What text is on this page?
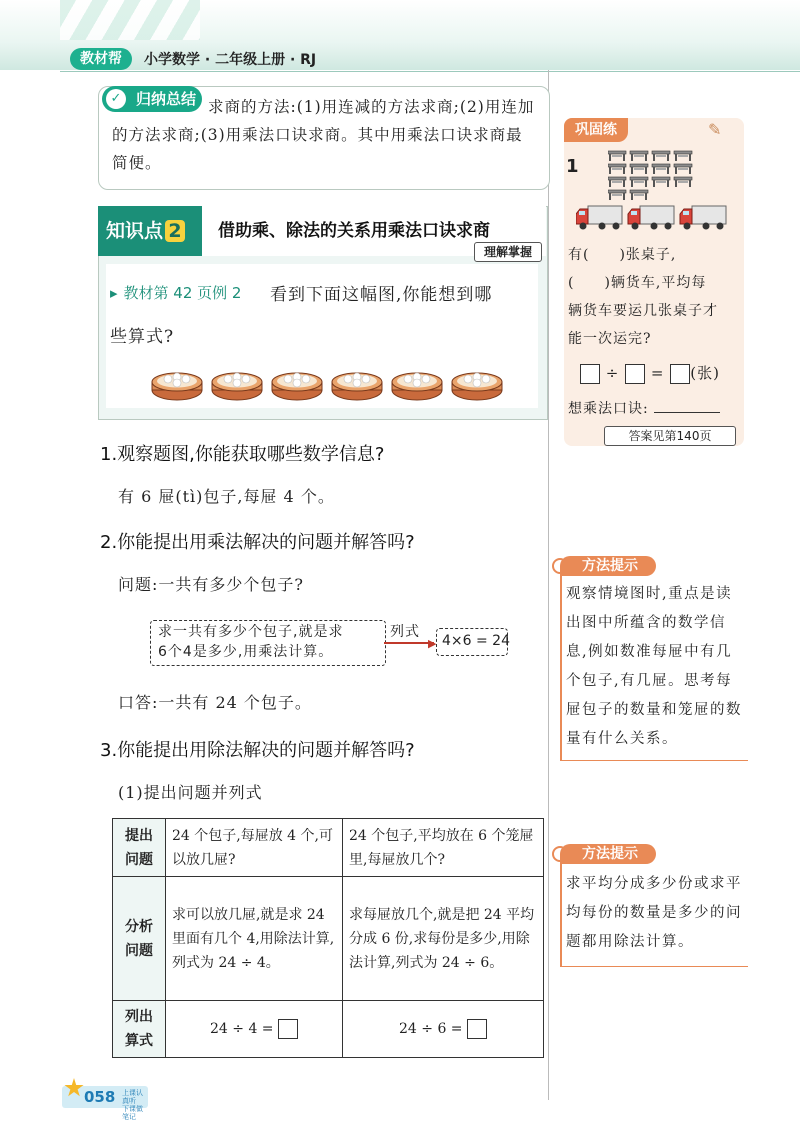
教材帮	小学数学 · 二年级上册 · RJ
✓ 归纳总结 求商的方法:(1)用连减的方法求商;(2)用连加的方法求商;(3)用乘法口诀求商。其中用乘法口诀求商最简便。
知识点 2	借助乘、除法的关系用乘法口诀求商
理解掌握
▸ 教材第 42 页例 2 看到下面这幅图,你能想到哪
些算式?
1.观察题图,你能获取哪些数学信息?
有 6 屉(tì)包子,每屉 4 个。
2.你能提出用乘法解决的问题并解答吗?
问题:一共有多少个包子?
求一共有多少个包子,就是求
6个4是多少,用乘法计算。
▶
列式
4×6 = 24
口答:一共有 24 个包子。
3.你能提出用除法解决的问题并解答吗?
(1)提出问题并列式
提出
问题	24 个包子,每屉放 4 个,可以放几屉?	24 个包子,平均放在 6 个笼屉里,每屉放几个?
分析
问题	求可以放几屉,就是求 24 里面有几个 4,用除法计算,列式为 24 ÷ 4。	求每屉放几个,就是把 24 平均分成 6 份,求每份是多少,用除法计算,列式为 24 ÷ 6。
列出
算式	24 ÷ 4 =	24 ÷ 6 =
巩固练	✎
1
有(　　)张桌子,
(　　)辆货车,平均每
辆货车要运几张桌子才
能一次运完?
÷ = (张)
想乘法口诀:
答案见第140页
方法提示
观察情境图时,重点是读出图中所蕴含的数学信息,例如数准每屉中有几个包子,有几屉。思考每屉包子的数量和笼屉的数量有什么关系。
方法提示
求平均分成多少份或求平均每份的数量是多少的问题都用除法计算。
058 上课认真听
下课做笔记
